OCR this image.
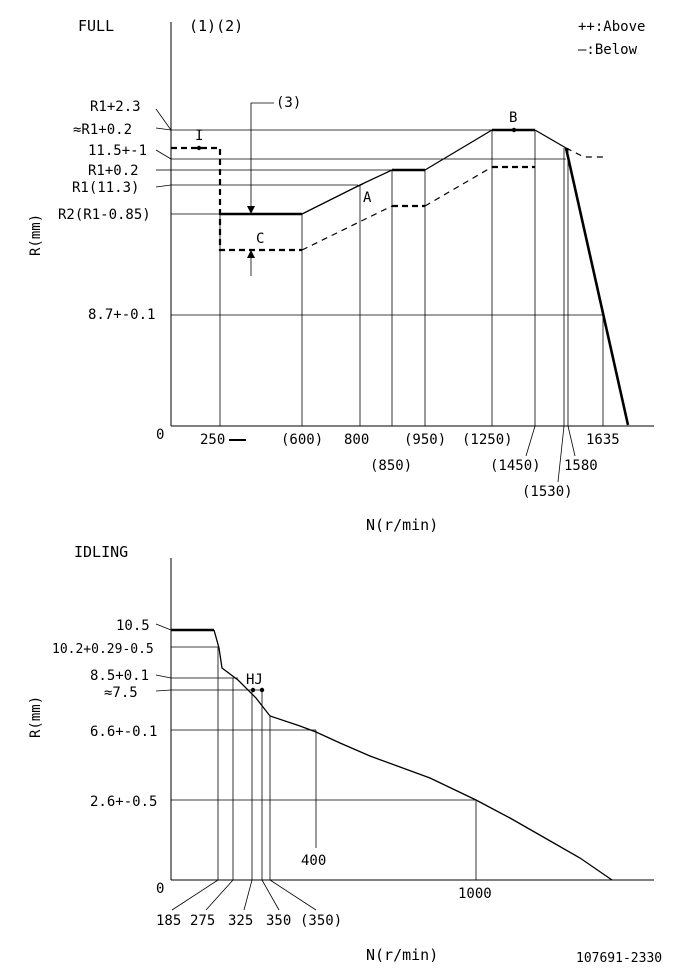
++:Above
—:Below
FULL	(1)(2)
0
R(mm)
N(r/min)
R1+2.3
≈R1+0.2
11.5+-1
R1+0.2
R1(11.3)
R2(R1-0.85)
8.7+-0.1
250	(600) 800 (950) (1250)	1635
(850)	(1450) 1580
(1530)
A
B
I
C
(3)
IDLING
0
R(mm)
N(r/min)
10.5
10.2+0.29-0.5
8.5+0.1
≈7.5
6.6+-0.1
2.6+-0.5
HJ
400
1000
185 275 325 350 (350)
107691-2330
